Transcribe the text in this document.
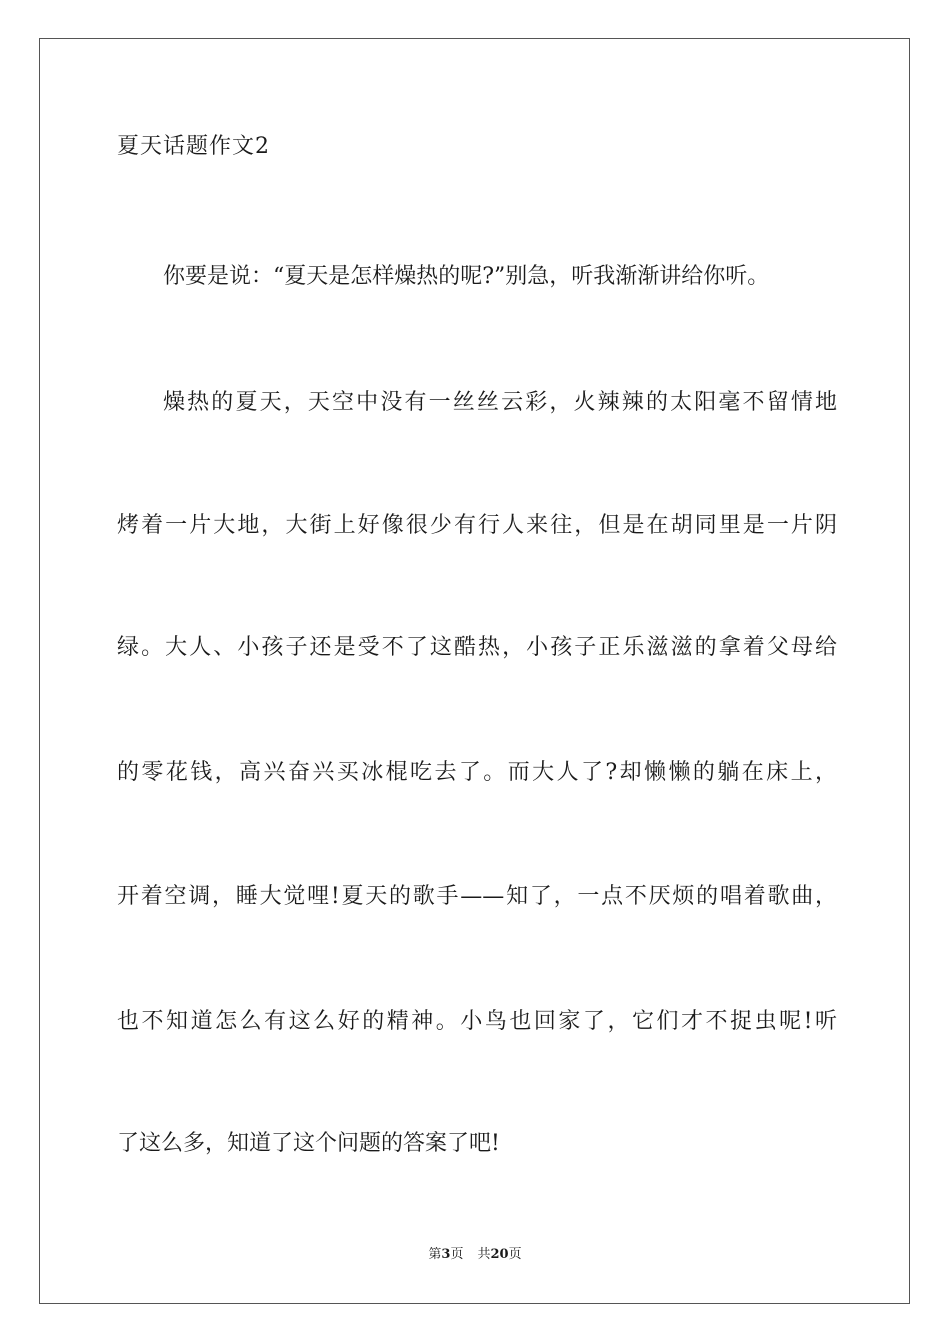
夏天话题作文2
你要是说：“夏天是怎样燥热的呢?”别急，听我渐渐讲给你听。
燥热的夏天，天空中没有一丝丝云彩，火辣辣的太阳毫不留情地
烤着一片大地，大街上好像很少有行人来往，但是在胡同里是一片阴
绿。大人、小孩子还是受不了这酷热，小孩子正乐滋滋的拿着父母给
的零花钱，高兴奋兴买冰棍吃去了。而大人了?却懒懒的躺在床上，
开着空调，睡大觉哩!夏天的歌手——知了，一点不厌烦的唱着歌曲，
也不知道怎么有这么好的精神。小鸟也回家了，它们才不捉虫呢!听
了这么多，知道了这个问题的答案了吧!
第3页 共20页
